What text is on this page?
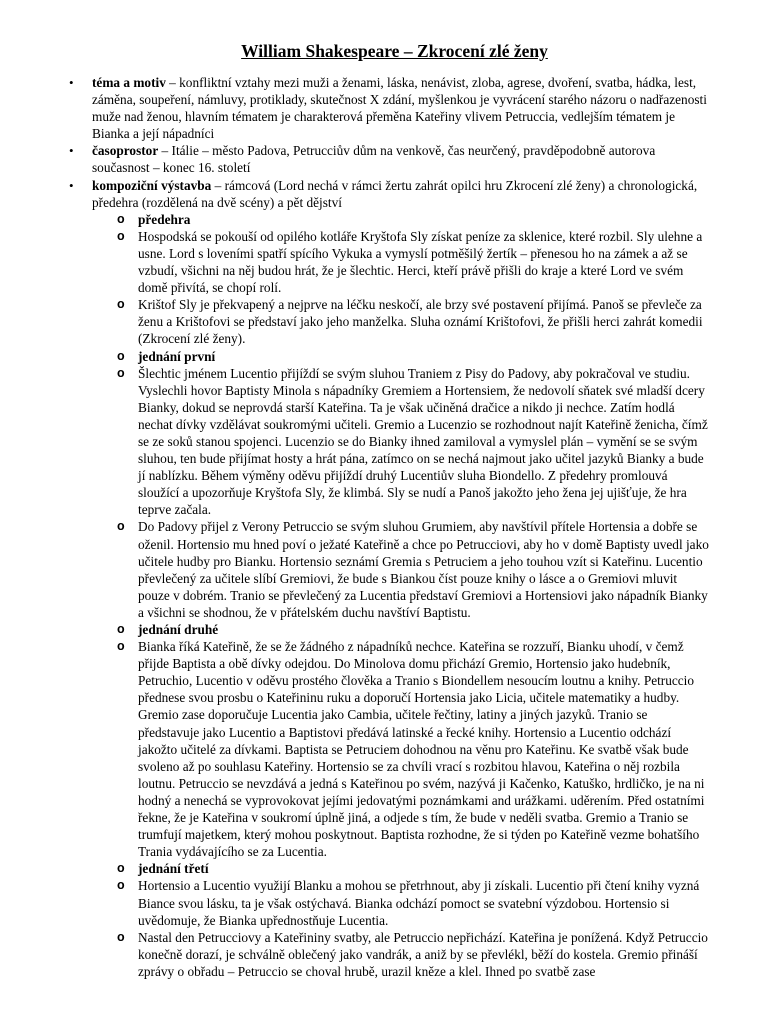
William Shakespeare – Zkrocení zlé ženy
• téma a motiv – konfliktní vztahy mezi muži a ženami, láska, nenávist, zloba, agrese, dvoření, svatba, hádka, lest, záměna, soupeření, námluvy, protiklady, skutečnost X zdání, myšlenkou je vyvrácení starého názoru o nadřazenosti muže nad ženou, hlavním tématem je charakterová přeměna Kateřiny vlivem Petruccia, vedlejším tématem je Bianka a její nápadníci
• časoprostor – Itálie – město Padova, Petrucciův dům na venkově, čas neurčený, pravděpodobně autorova současnost – konec 16. století
• kompoziční výstavba – rámcová (Lord nechá v rámci žertu zahrát opilci hru Zkrocení zlé ženy) a chronologická, předehra (rozdělená na dvě scény) a pět dějství
o předehra
o Hospodská se pokouší od opilého kotláře Kryštofa Sly získat peníze za sklenice, které rozbil. Sly ulehne a usne. Lord s loveními spatří spícího Vykuka a vymyslí potměšilý žertík – přenesou ho na zámek a až se vzbudí, všichni na něj budou hrát, že je šlechtic. Herci, kteří právě přišli do kraje a které Lord ve svém domě přivítá, se chopí rolí.
o Krištof Sly je překvapený a nejprve na léčku neskočí, ale brzy své postavení přijímá. Panoš se převleče za ženu a Krištofovi se představí jako jeho manželka. Sluha oznámí Krištofovi, že přišli herci zahrát komedii (Zkrocení zlé ženy).
o jednání první
o Šlechtic jménem Lucentio přijíždí se svým sluhou Traniem z Pisy do Padovy, aby pokračoval ve studiu. Vyslechli hovor Baptisty Minola s nápadníky Gremiem a Hortensiem, že nedovolí sňatek své mladší dcery Bianky, dokud se neprovdá starší Kateřina. Ta je však učiněná dračice a nikdo ji nechce. Zatím hodlá nechat dívky vzdělávat soukromými učiteli. Gremio a Lucenzio se rozhodnout najít Kateřině ženicha, čímž se ze soků stanou spojenci. Lucenzio se do Bianky ihned zamiloval a vymyslel plán – vymění se se svým sluhou, ten bude přijímat hosty a hrát pána, zatímco on se nechá najmout jako učitel jazyků Bianky a bude jí nablízku. Během výměny oděvu přijíždí druhý Lucentiův sluha Biondello. Z předehry promlouvá sloužící a upozorňuje Kryštofa Sly, že klimbá. Sly se nudí a Panoš jakožto jeho žena jej ujišťuje, že hra teprve začala.
o Do Padovy přijel z Verony Petruccio se svým sluhou Grumiem, aby navštívil přítele Hortensia a dobře se oženil. Hortensio mu hned poví o ježaté Kateřině a chce po Petrucciovi, aby ho v domě Baptisty uvedl jako učitele hudby pro Bianku. Hortensio seznámí Gremia s Petruciem a jeho touhou vzít si Kateřinu. Lucentio převlečený za učitele slíbí Gremiovi, že bude s Biankou číst pouze knihy o lásce a o Gremiovi mluvit pouze v dobrém. Tranio se převlečený za Lucentia představí Gremiovi a Hortensiovi jako nápadník Bianky a všichni se shodnou, že v přátelském duchu navštíví Baptistu.
o jednání druhé
o Bianka říká Kateřině, že se že žádného z nápadníků nechce. Kateřina se rozzuří, Bianku uhodí, v čemž přijde Baptista a obě dívky odejdou. Do Minolova domu přichází Gremio, Hortensio jako hudebník, Petruchio, Lucentio v oděvu prostého člověka a Tranio s Biondellem nesoucím loutnu a knihy. Petruccio přednese svou prosbu o Kateřininu ruku a doporučí Hortensia jako Licia, učitele matematiky a hudby. Gremio zase doporučuje Lucentia jako Cambia, učitele řečtiny, latiny a jiných jazyků. Tranio se představuje jako Lucentio a Baptistovi předává latinské a řecké knihy. Hortensio a Lucentio odchází jakožto učitelé za dívkami. Baptista se Petruciem dohodnou na věnu pro Kateřinu. Ke svatbě však bude svoleno až po souhlasu Kateřiny. Hortensio se za chvíli vrací s rozbitou hlavou, Kateřina o něj rozbila loutnu. Petruccio se nevzdává a jedná s Kateřinou po svém, nazývá ji Kačenko, Katuško, hrdličko, je na ni hodný a nenechá se vyprovokovat jejími jedovatými poznámkami and urážkami. uděrením. Před ostatními řekne, že je Kateřina v soukromí úplně jiná, a odjede s tím, že bude v neděli svatba. Gremio a Tranio se trumfují majetkem, který mohou poskytnout. Baptista rozhodne, že si týden po Kateřině vezme bohatšího Trania vydávajícího se za Lucentia.
o jednání třetí
o Hortensio a Lucentio využijí Blanku a mohou se přetrhnout, aby ji získali. Lucentio při čtení knihy vyzná Biance svou lásku, ta je však ostýchavá. Bianka odchází pomoct se svatební výzdobou. Hortensio si uvědomuje, že Bianka upřednostňuje Lucentia.
o Nastal den Petrucciovy a Kateřininy svatby, ale Petruccio nepřichází. Kateřina je ponížená. Když Petruccio konečně dorazí, je schválně oblečený jako vandrák, a aniž by se převlékl, běží do kostela. Gremio přináší zprávy o obřadu – Petruccio se choval hrubě, urazil kněze a klel. Ihned po svatbě zase
